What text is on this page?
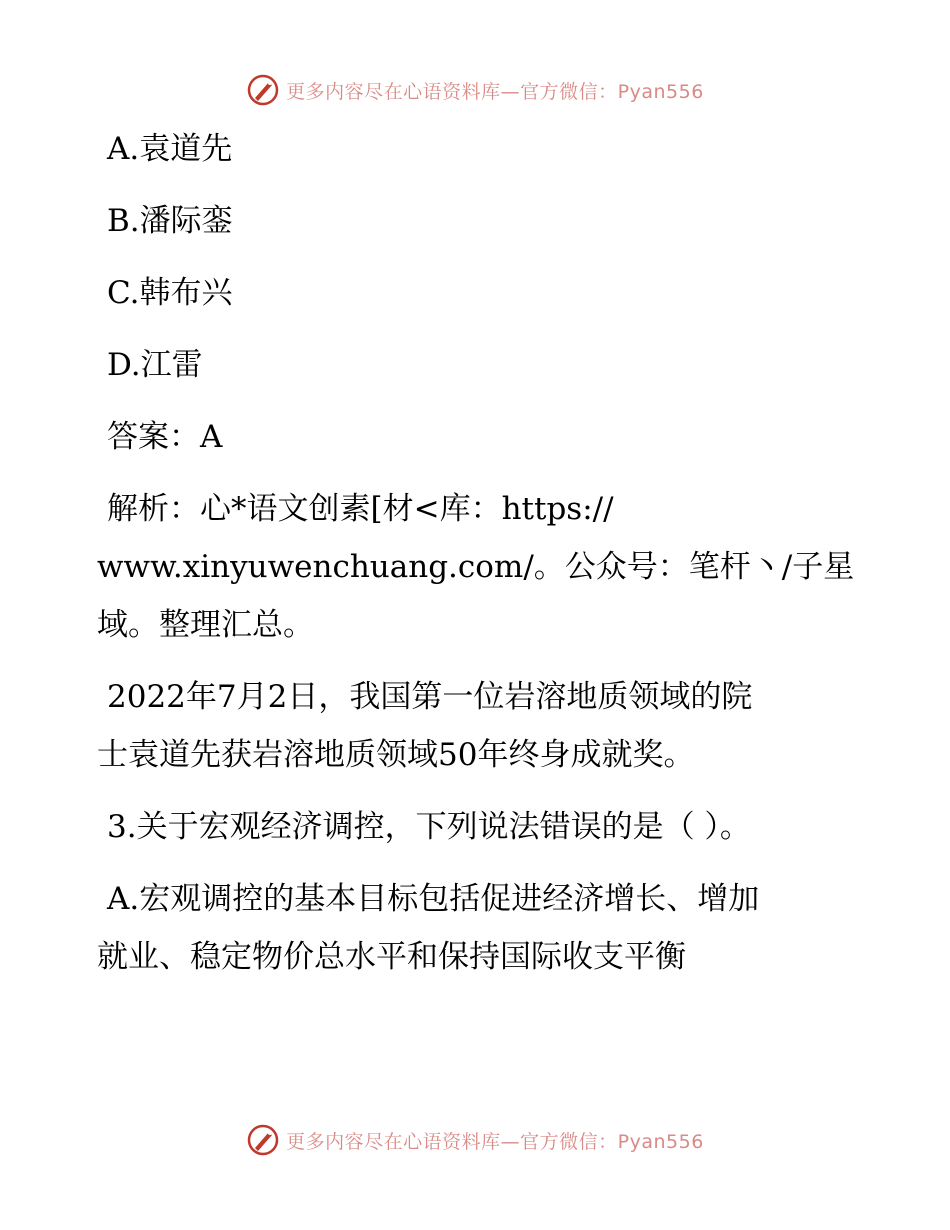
更多内容尽在心语资料库—官方微信：Pyan556
A.袁道先
B.潘际銮
C.韩布兴
D.江雷
答案：A
解析：心*语文创素[材<库：https://
www.xinyuwenchuang.com/。公众号：笔杆丶/子星
域。整理汇总。
2022年7月2日，我国第一位岩溶地质领域的院
士袁道先获岩溶地质领域50年终身成就奖。
3.关于宏观经济调控，下列说法错误的是（ ）。
A.宏观调控的基本目标包括促进经济增长、增加
就业、稳定物价总水平和保持国际收支平衡
更多内容尽在心语资料库—官方微信：Pyan556
